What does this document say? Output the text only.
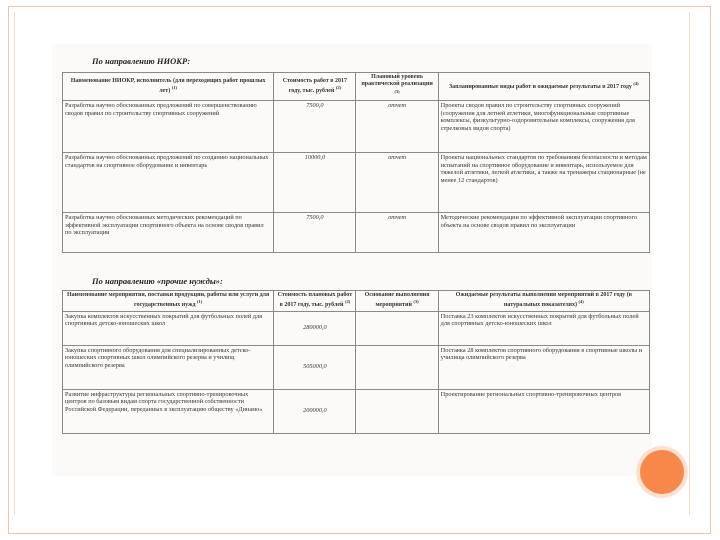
По направлению НИОКР:
Наименование НИОКР, исполнитель (для переходящих работ прошлых лет) $^{(1)}$	Стоимость работ в 2017 году, тыс. рублей $^{(2)}$	Плановый уровень практической реализации $^{(3)}$	Запланированные виды работ и ожидаемые результаты в 2017 году $^{(4)}$
Разработка научно обоснованных предложений по совершенствованию сводов правил по строительству спортивных сооружений	7500,0	отчет	Проекты сводов правил по строительству спортивных сооружений (сооружения для летней атлетики, многофункциональные спортивные комплексы, физкультурно-оздоровительные комплексы, сооружения для стрелковых видов спорта)
Разработка научно обоснованных предложений по созданию национальных стандартов на спортивное оборудование и инвентарь	10000,0	отчет	Проекты национальных стандартов по требованиям безопасности и методам испытаний на спортивное оборудование и инвентарь, используемое для тяжелой атлетики, легкой атлетики, а также на тренажеры стационарные (не менее 12 стандартов)
Разработка научно обоснованных методических рекомендаций по эффективной эксплуатации спортивного объекта на основе сводов правил по эксплуатации	7500,0	отчет	Методические рекомендации по эффективной эксплуатации спортивного объекта на основе сводов правил по эксплуатации
По направлению «прочие нужды»:
Наименование мероприятия, поставки продукции, работы или услуги для государственных нужд $^{(1)}$	Стоимость плановых работ в 2017 году, тыс. рублей $^{(2)}$	Основание выполнения мероприятий $^{(3)}$	Ожидаемые результаты выполнения мероприятий в 2017 году (в натуральных показателях) $^{(4)}$
Закупка комплектов искусственных покрытий для футбольных полей для спортивных детско-юношеских школ	280000,0		Поставка 23 комплектов искусственных покрытий для футбольных полей для спортивных детско-юношеских школ
Закупка спортивного оборудования для специализированных детско-юношеских спортивных школ олимпийского резерва и училищ олимпийского резерва	505000,0		Поставка 28 комплектов спортивного оборудования в спортивные школы и училища олимпийского резерва
Развитие инфраструктуры региональных спортивно-тренировочных центров по базовым видам спорта государственной собственности Российской Федерации, переданных в эксплуатацию обществу «Динамо»	200000,0		Проектирование региональных спортивно-тренировочных центров
